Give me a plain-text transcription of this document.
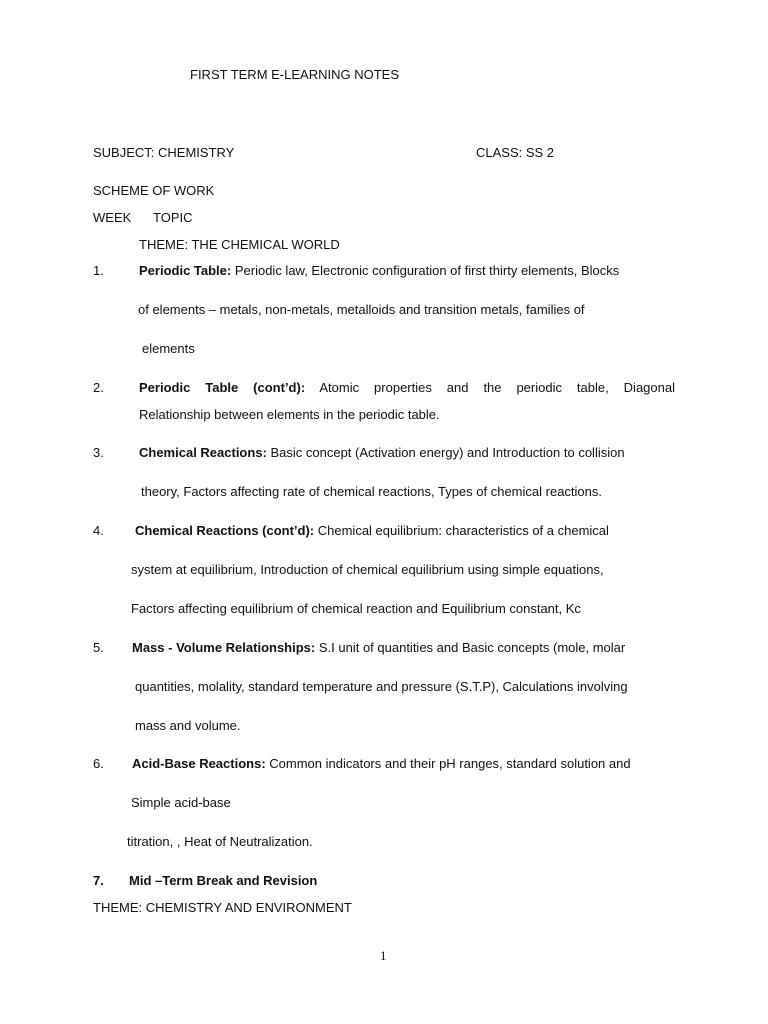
FIRST TERM E-LEARNING NOTES
SUBJECT: CHEMISTRY	CLASS: SS 2
SCHEME OF WORK
WEEK TOPIC
THEME: THE CHEMICAL WORLD
1.	Periodic Table: Periodic law, Electronic configuration of first thirty elements, Blocks
of elements – metals, non-metals, metalloids and transition metals, families of
elements
2.	Periodic Table (cont’d): Atomic properties and the periodic table, Diagonal
Relationship between elements in the periodic table.
3.	Chemical Reactions: Basic concept (Activation energy) and Introduction to collision
theory, Factors affecting rate of chemical reactions, Types of chemical reactions.
4. Chemical Reactions (cont’d): Chemical equilibrium: characteristics of a chemical
system at equilibrium, Introduction of chemical equilibrium using simple equations,
Factors affecting equilibrium of chemical reaction and Equilibrium constant, Kc
5. Mass - Volume Relationships: S.I unit of quantities and Basic concepts (mole, molar
quantities, molality, standard temperature and pressure (S.T.P), Calculations involving
mass and volume.
6. Acid-Base Reactions: Common indicators and their pH ranges, standard solution and
Simple acid-base
titration, , Heat of Neutralization.
7. Mid –Term Break and Revision
THEME: CHEMISTRY AND ENVIRONMENT
1
